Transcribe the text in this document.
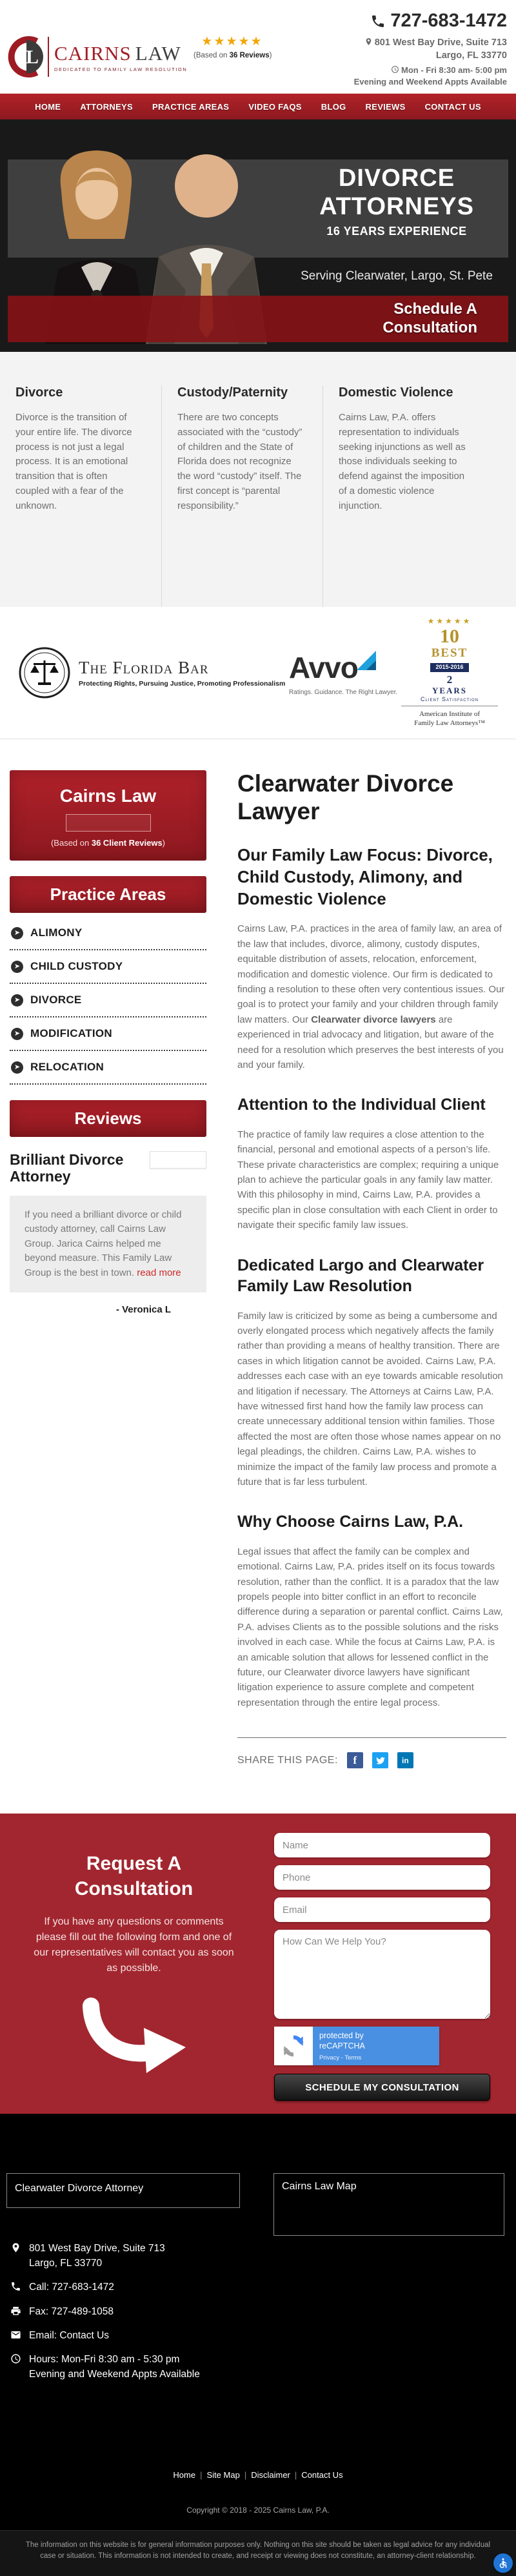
L CAIRNS LAW
DEDICATED TO FAMILY LAW RESOLUTION
★★★★★
(Based on 36 Reviews)
727-683-1472
801 West Bay Drive, Suite 713
Largo, FL 33770
Mon - Fri 8:30 am- 5:00 pm
Evening and Weekend Appts Available
HOME ATTORNEYS PRACTICE AREAS VIDEO FAQS BLOG REVIEWS CONTACT US
DIVORCE
ATTORNEYS
16 YEARS EXPERIENCE
Serving Clearwater, Largo, St. Pete
Schedule A
Consultation
Divorce

Divorce is the transition of your entire life. The divorce process is not just a legal process. It is an emotional transition that is often coupled with a fear of the unknown.

Custody/Paternity

There are two concepts associated with the “custody” of children and the State of Florida does not recognize the word “custody” itself. The first concept is “parental responsibility.”

Domestic Violence

Cairns Law, P.A. offers representation to individuals seeking injunctions as well as those individuals seeking to defend against the imposition of a domestic violence injunction.

The Florida Bar
Protecting Rights, Pursuing Justice, Promoting Professionalism Avvo
Ratings. Guidance. The Right Lawyer.
★★★★★
10
BEST
2015-2016
2
YEARS
Client Satisfaction
American Institute of
Family Law Attorneys™
Cairns Law
(Based on 36 Client Reviews)
Practice Areas
➤ ALIMONY
➤ CHILD CUSTODY
➤ DIVORCE
➤ MODIFICATION
➤ RELOCATION
Reviews
Brilliant Divorce Attorney
If you need a brilliant divorce or child custody attorney, call Cairns Law Group. Jarica Cairns helped me beyond measure. This Family Law Group is the best in town. read more
- Veronica L
Clearwater Divorce Lawyer
Our Family Law Focus: Divorce, Child Custody, Alimony, and Domestic Violence

Cairns Law, P.A. practices in the area of family law, an area of the law that includes, divorce, alimony, custody disputes, equitable distribution of assets, relocation, enforcement, modification and domestic violence. Our firm is dedicated to finding a resolution to these often very contentious issues. Our goal is to protect your family and your children through family law matters. Our Clearwater divorce lawyers are experienced in trial advocacy and litigation, but aware of the need for a resolution which preserves the best interests of you and your family.

Attention to the Individual Client

The practice of family law requires a close attention to the financial, personal and emotional aspects of a person’s life. These private characteristics are complex; requiring a unique plan to achieve the particular goals in any family law matter. With this philosophy in mind, Cairns Law, P.A. provides a specific plan in close consultation with each Client in order to navigate their specific family law issues.

Dedicated Largo and Clearwater Family Law Resolution

Family law is criticized by some as being a cumbersome and overly elongated process which negatively affects the family rather than providing a means of healthy transition. There are cases in which litigation cannot be avoided. Cairns Law, P.A. addresses each case with an eye towards amicable resolution and litigation if necessary. The Attorneys at Cairns Law, P.A. have witnessed first hand how the family law process can create unnecessary additional tension within families. Those affected the most are often those whose names appear on no legal pleadings, the children. Cairns Law, P.A. wishes to minimize the impact of the family law process and promote a future that is far less turbulent.

Why Choose Cairns Law, P.A.

Legal issues that affect the family can be complex and emotional. Cairns Law, P.A. prides itself on its focus towards resolution, rather than the conflict. It is a paradox that the law propels people into bitter conflict in an effort to reconcile difference during a separation or parental conflict. Cairns Law, P.A. advises Clients as to the possible solutions and the risks involved in each case. While the focus at Cairns Law, P.A. is an amicable solution that allows for lessened conflict in the future, our Clearwater divorce lawyers have significant litigation experience to assure complete and competent representation through the entire legal process.

SHARE THIS PAGE:	f	in
Request A
Consultation
If you have any questions or comments please fill out the following form and one of our representatives will contact you as soon as possible.
Name
Phone
Email
How Can We Help You?
protected by
reCAPTCHA
Privacy - Terms
SCHEDULE MY CONSULTATION
Clearwater Divorce Attorney	Cairns Law Map
801 West Bay Drive, Suite 713
Largo, FL 33770
Call: 727-683-1472
Fax: 727-489-1058
Email: Contact Us
Hours: Mon-Fri 8:30 am - 5:30 pm
Evening and Weekend Appts Available
Home | Site Map | Disclaimer | Contact Us
Copyright © 2018 - 2025 Cairns Law, P.A.

The information on this website is for general information purposes only. Nothing on this site should be taken as legal advice for any individual case or situation. This information is not intended to create, and receipt or viewing does not constitute, an attorney-client relationship.
